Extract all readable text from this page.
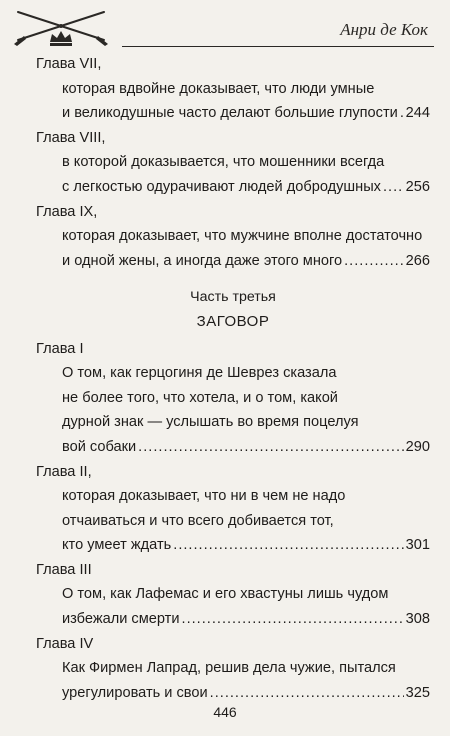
Анри де Кок
Глава VII,
которая вдвойне доказывает, что люди умные
и великодушные часто делают большие глупости ..... 244
Глава VIII,
в которой доказывается, что мошенники всегда
с легкостью одурачивают людей добродушных ..... 256
Глава IX,
которая доказывает, что мужчине вполне достаточно
и одной жены, а иногда даже этого много .....	266
Часть третья
ЗАГОВОР
Глава I
О том, как герцогиня де Шеврез сказала
не более того, что хотела, и о том, какой
дурной знак — услышать во время поцелуя
вой собаки .....	290
Глава II,
которая доказывает, что ни в чем не надо
отчаиваться и что всего добивается тот,
кто умеет ждать .....	301
Глава III
О том, как Лафемас и его хвастуны лишь чудом
избежали смерти .....	308
Глава IV
Как Фирмен Лапрад, решив дела чужие, пытался
урегулировать и свои .....	325
446
